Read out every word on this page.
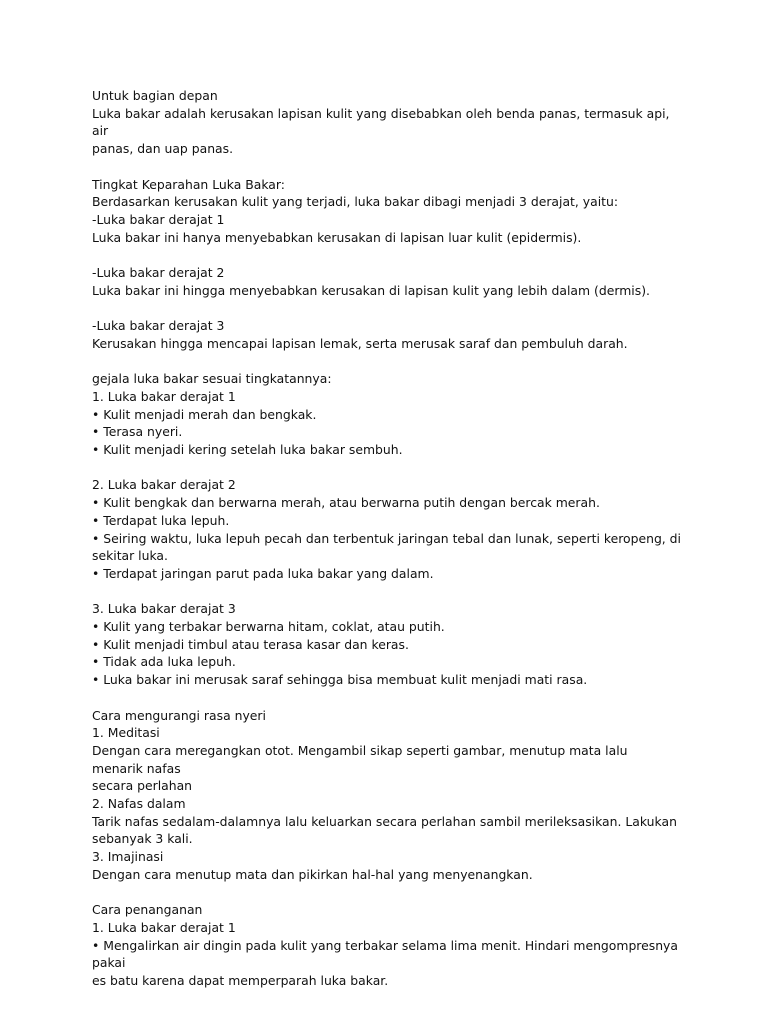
Untuk bagian depan
Luka bakar adalah kerusakan lapisan kulit yang disebabkan oleh benda panas, termasuk api, air
panas, dan uap panas.
Tingkat Keparahan Luka Bakar:
Berdasarkan kerusakan kulit yang terjadi, luka bakar dibagi menjadi 3 derajat, yaitu:
-Luka bakar derajat 1
Luka bakar ini hanya menyebabkan kerusakan di lapisan luar kulit (epidermis).
-Luka bakar derajat 2
Luka bakar ini hingga menyebabkan kerusakan di lapisan kulit yang lebih dalam (dermis).
-Luka bakar derajat 3
Kerusakan hingga mencapai lapisan lemak, serta merusak saraf dan pembuluh darah.
gejala luka bakar sesuai tingkatannya:
1. Luka bakar derajat 1
• Kulit menjadi merah dan bengkak.
• Terasa nyeri.
• Kulit menjadi kering setelah luka bakar sembuh.
2. Luka bakar derajat 2
• Kulit bengkak dan berwarna merah, atau berwarna putih dengan bercak merah.
• Terdapat luka lepuh.
• Seiring waktu, luka lepuh pecah dan terbentuk jaringan tebal dan lunak, seperti keropeng, di
sekitar luka.
• Terdapat jaringan parut pada luka bakar yang dalam.
3. Luka bakar derajat 3
• Kulit yang terbakar berwarna hitam, coklat, atau putih.
• Kulit menjadi timbul atau terasa kasar dan keras.
• Tidak ada luka lepuh.
• Luka bakar ini merusak saraf sehingga bisa membuat kulit menjadi mati rasa.
Cara mengurangi rasa nyeri
1. Meditasi
Dengan cara meregangkan otot. Mengambil sikap seperti gambar, menutup mata lalu menarik nafas
secara perlahan
2. Nafas dalam
Tarik nafas sedalam-dalamnya lalu keluarkan secara perlahan sambil merileksasikan. Lakukan
sebanyak 3 kali.
3. Imajinasi
Dengan cara menutup mata dan pikirkan hal-hal yang menyenangkan.
Cara penanganan
1. Luka bakar derajat 1
• Mengalirkan air dingin pada kulit yang terbakar selama lima menit. Hindari mengompresnya pakai
es batu karena dapat memperparah luka bakar.
